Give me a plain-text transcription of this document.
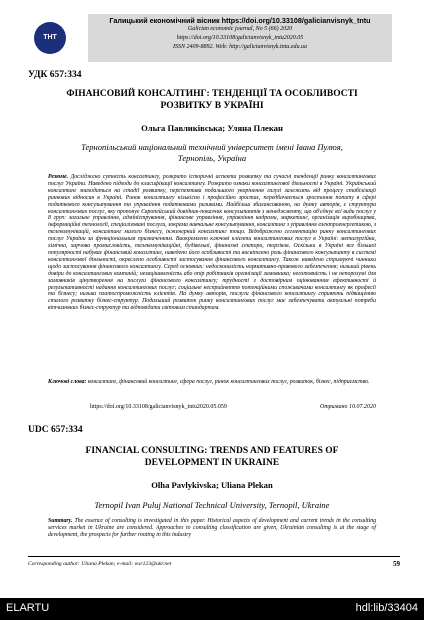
ТНТ
Галицький економічний вісник https://doi.org/10.33108/galicianvisnyk_tntu
Galician economic journal, No 5 (66) 2020
https://doi.org/10.33108/galicianvisnyk_tntu2020.05
ISSN 2409-8892. Web: http://galicianvisnyk.tntu.edu.ua
УДК 657:334
ФІНАНСОВИЙ КОНСАЛТИНГ: ТЕНДЕНЦІЇ ТА ОСОБЛИВОСТІ
РОЗВИТКУ В УКРАЇНІ
Ольга Павликівська; Уляна Плекан
Тернопільський національний технічний університет імені Івана Пулюя,
Тернопіль, Україна

Резюме. Досліджено сутність консалтингу, розкрито історичні аспекти розвитку та сучасні тенденції ринку консалтингових послуг України. Наведено підходи до класифікації консалтингу. Розкрито ознаки консалтингової діяльності в Україні. Український консалтинг знаходиться на стадії розвитку, перспектива подальшого укорінення галузі залежить від процесу стабілізації ринкових відносин в Україні. Ринок консалтингу кількісно і професійно зростає, передбачається зростання попиту в сфері податкового консультування та управління податковими ризиками. Найбільш збалансованою, на думку авторів, є структура консалтингових послуг, яку пропонує Європейський довідник-показчик консультантів з менеджменту, що об'єднує всі види послуг у 8 груп: загальне управління, адміністрування, фінансове управління, управління кадрами, маркетинг, організація виробництва, інформаційні технології, спеціалізовані послуги, зокрема навчальне консультування, консалтинг з управління електроенергетикою, з телекомунікацій, консалтинг малого бізнесу, інженерний консалтинг тощо. Відображено сегментацію ринку консалтингових послуг України за функціональним призначенням. Виокремлено ключові клієнти консалтингових послуг в Україні: металургійна, хімічна, харчова промисловість, телекомунікаційні, будівельні, фінансові сектори, торгівля. Оскільки в Україні все більшої популярності набуває фінансовий консалтинг, наведено його особливості та висвітлено роль фінансового консультанту в системі консалтингової діяльності, окреслено особливості застосування фінансового консалтингу. Також наведено стримуючі чинники щодо застосування фінансового консалтингу. Серед основних: недосконалість нормативно-правового забезпечення; низький рівень довіри до консалтингових компаній; незацікавленість або опір робітників організації замовника; неготовність і не непорозумі для замовників цінутворення на послуги фінансового консалтингу; трудності з достовірним оцінюванням ефективності й результативності надання консалтингових послуг; соціальне несприйняття потенційними споживачами консалтингу як професії та бізнесу; низька платоспроможність клієнтів. На думку авторів, послуги фінансового консалтингу сприяють підвищенню сталого розвитку бізнес-структур. Подальший розвиток ринку консалтингових послуг має забезпечувати актуальні потреби вітчизняних бізнес-структур та відповідати світовим стандартам.

Ключові слова: консалтинг, фінансовий консалтинг, сфера послуг, ринок консалтингових послуг, розвиток, бізнес, підприємство.

https://doi.org/10.33108/galicianvisnyk_tntu2020.05.059	Отримано 10.07.2020
UDC 657:334
FINANCIAL CONSULTING: TRENDS AND FEATURES OF
DEVELOPMENT IN UKRAINE
Olha Pavlykivska; Uliana Plekan
Ternopil Ivan Puluj National Technical University, Ternopil, Ukraine

Summary. The essence of consulting is investigated in this paper. Historical aspects of development and current trends in the consulting services market in Ukraine are considered. Approaches to consulting classification are given, Ukrainian consulting is at the stage of development, the prospects for further rooting in this industry

Corresponding author: Uliana Plekan; e-mail: wsr123@ukr.net	59
ELARTU	hdl:lib/33404
